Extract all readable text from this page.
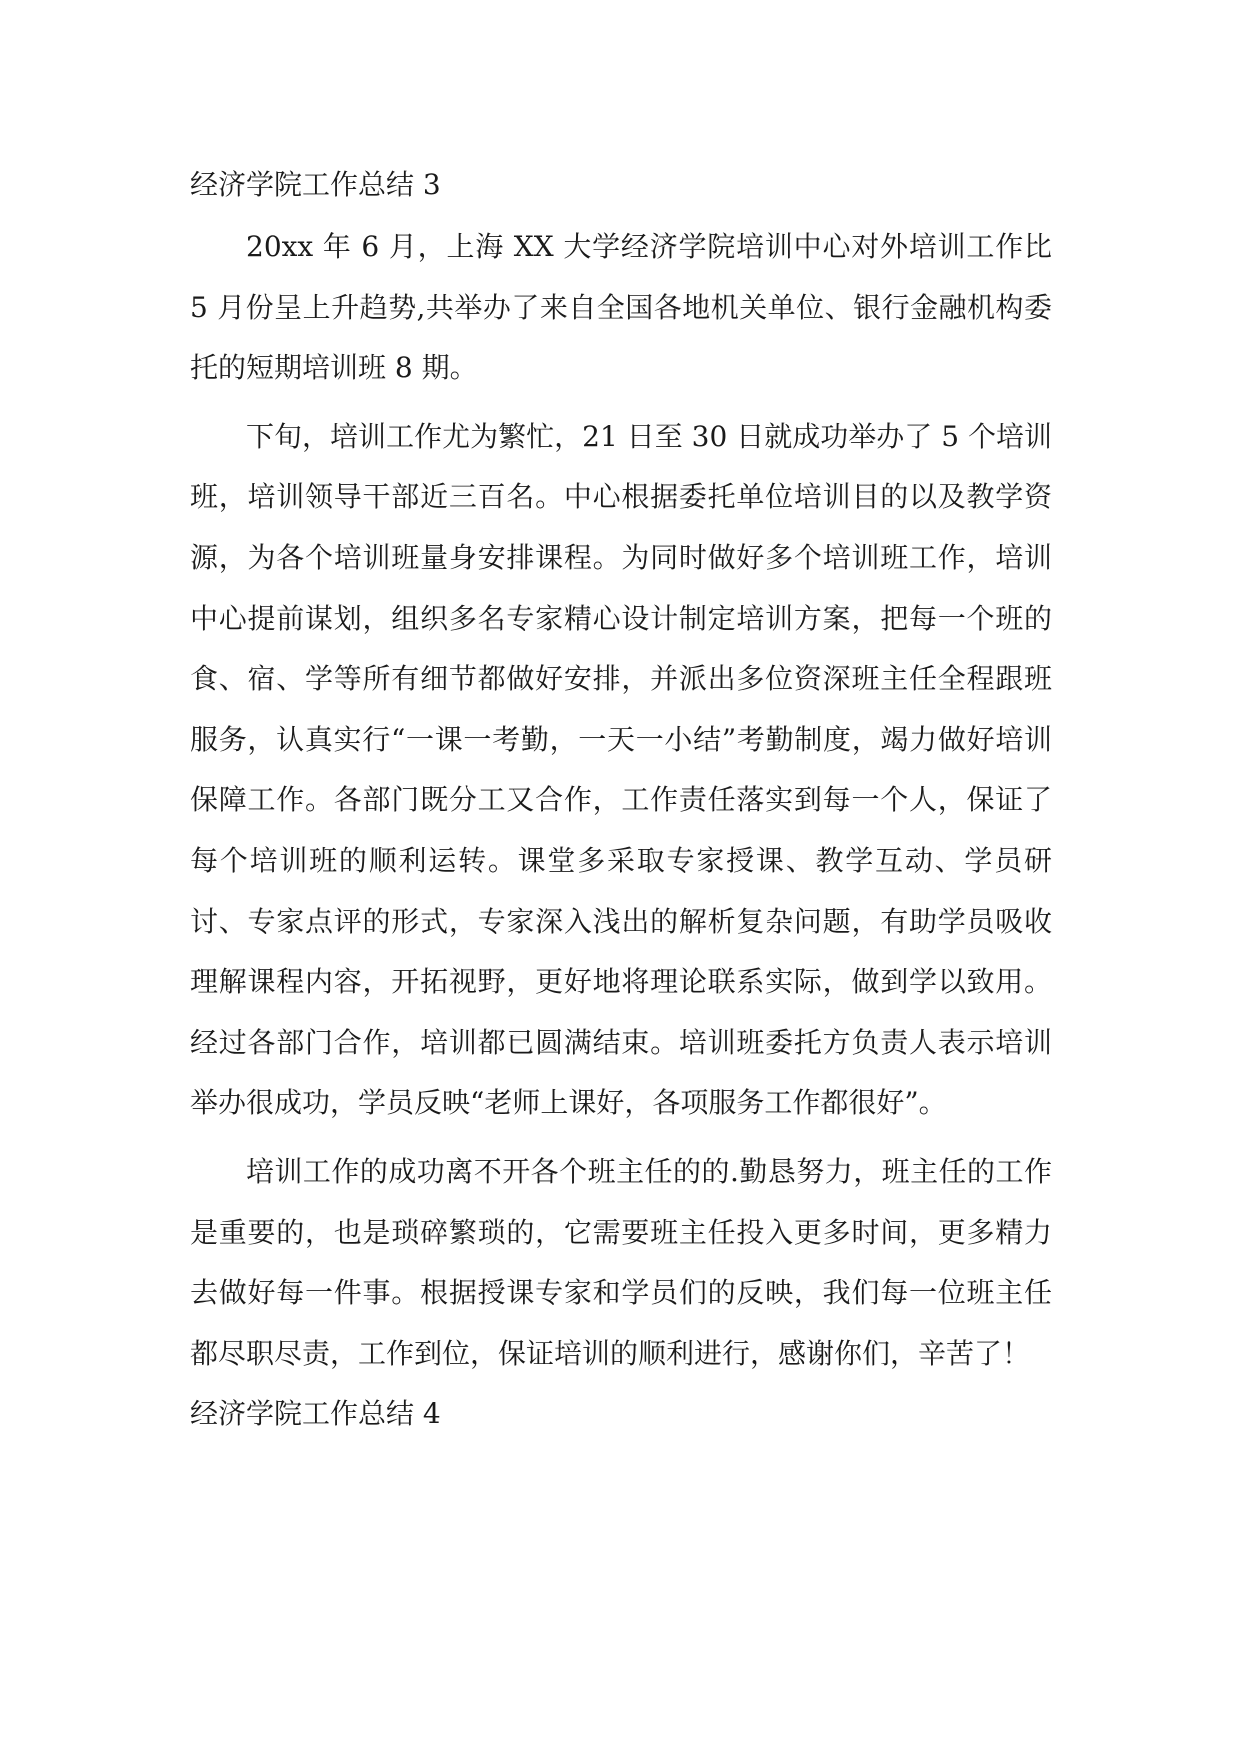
经济学院工作总结 3

20xx 年 6 月，上海 XX 大学经济学院培训中心对外培训工作比 5 月份呈上升趋势,共举办了来自全国各地机关单位、银行金融机构委托的短期培训班 8 期。

下旬，培训工作尤为繁忙，21 日至 30 日就成功举办了 5 个培训班，培训领导干部近三百名。中心根据委托单位培训目的以及教学资源，为各个培训班量身安排课程。为同时做好多个培训班工作，培训中心提前谋划，组织多名专家精心设计制定培训方案，把每一个班的食、宿、学等所有细节都做好安排，并派出多位资深班主任全程跟班服务，认真实行“一课一考勤，一天一小结”考勤制度，竭力做好培训保障工作。各部门既分工又合作，工作责任落实到每一个人，保证了每个培训班的顺利运转。课堂多采取专家授课、教学互动、学员研讨、专家点评的形式，专家深入浅出的解析复杂问题，有助学员吸收理解课程内容，开拓视野，更好地将理论联系实际，做到学以致用。经过各部门合作，培训都已圆满结束。培训班委托方负责人表示培训举办很成功，学员反映“老师上课好，各项服务工作都很好”。

培训工作的成功离不开各个班主任的的.勤恳努力，班主任的工作是重要的，也是琐碎繁琐的，它需要班主任投入更多时间，更多精力去做好每一件事。根据授课专家和学员们的反映，我们每一位班主任都尽职尽责，工作到位，保证培训的顺利进行，感谢你们，辛苦了！

经济学院工作总结 4
